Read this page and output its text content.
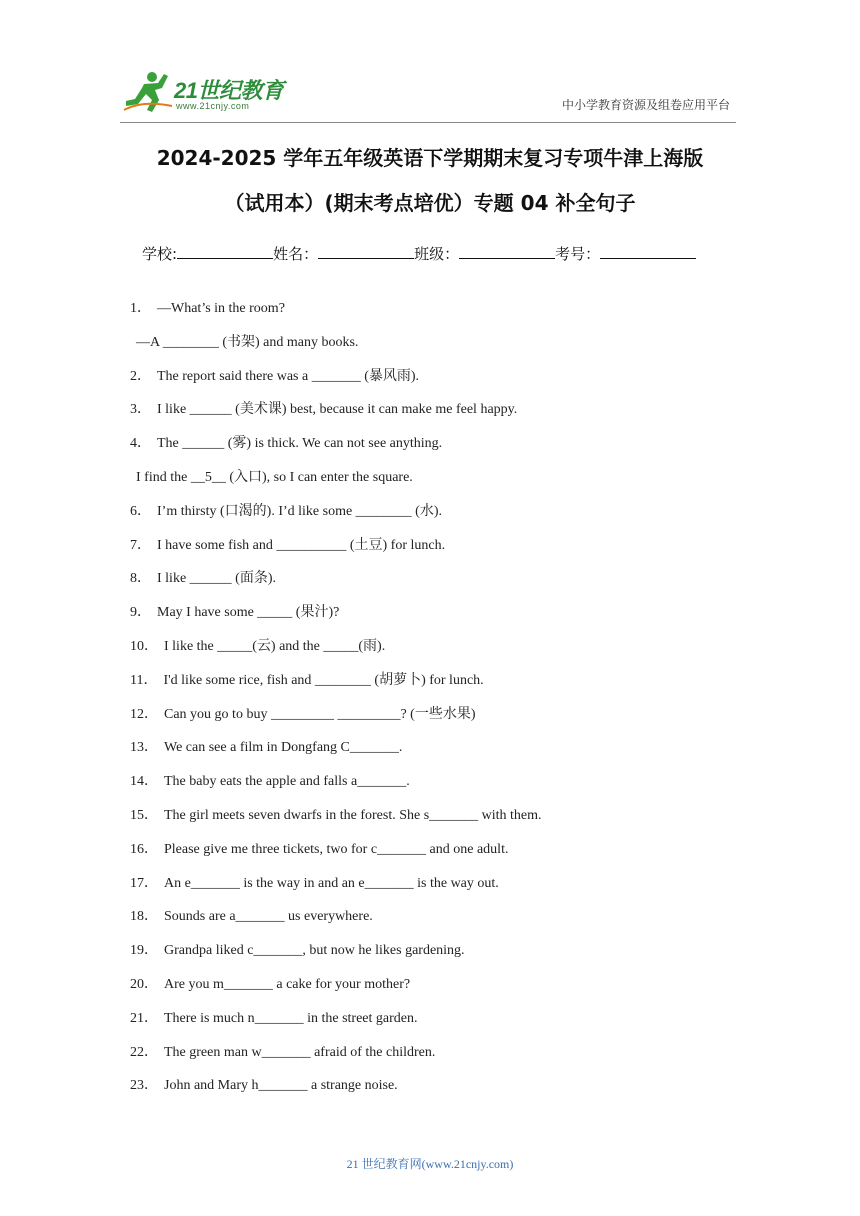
21世纪教育
www.21cnjy.com	中小学教育资源及组卷应用平台
2024-2025 学年五年级英语下学期期末复习专项牛津上海版
（试用本）(期末考点培优）专题 04 补全句子
学校:	姓名：	班级：	考号：
1． —What’s in the room?
—A ________ (书架) and many books.
2． The report said there was a _______ (暴风雨).
3． I like ______ (美术课) best, because it can make me feel happy.
4． The ______ (雾) is thick. We can not see anything.
I find the __5__ (入口), so I can enter the square.
6． I’m thirsty (口渴的). I’d like some ________ (水).
7． I have some fish and __________ (土豆) for lunch.
8． I like ______ (面条).
9． May I have some _____ (果汁)?
10． I like the _____(云) and the _____(雨).
11． I'd like some rice, fish and ________ (胡萝卜) for lunch.
12． Can you go to buy _________ _________? (一些水果)
13． We can see a film in Dongfang C_______.
14． The baby eats the apple and falls a_______.
15． The girl meets seven dwarfs in the forest. She s_______ with them.
16． Please give me three tickets, two for c_______ and one adult.
17． An e_______ is the way in and an e_______ is the way out.
18． Sounds are a_______ us everywhere.
19． Grandpa liked c_______, but now he likes gardening.
20． Are you m_______ a cake for your mother?
21． There is much n_______ in the street garden.
22． The green man w_______ afraid of the children.
23． John and Mary h_______ a strange noise.
21 世纪教育网(www.21cnjy.com)
